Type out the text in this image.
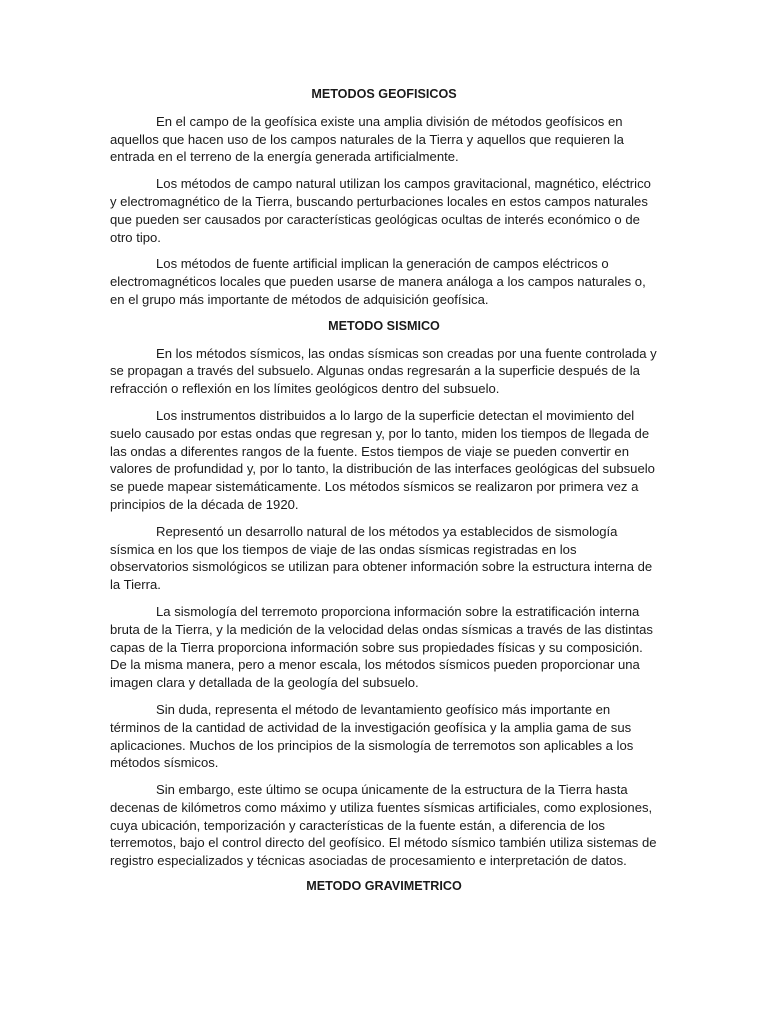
METODOS GEOFISICOS

En el campo de la geofísica existe una amplia división de métodos geofísicos en aquellos que hacen uso de los campos naturales de la Tierra y aquellos que requieren la entrada en el terreno de la energía generada artificialmente.

Los métodos de campo natural utilizan los campos gravitacional, magnético, eléctrico y electromagnético de la Tierra, buscando perturbaciones locales en estos campos naturales que pueden ser causados por características geológicas ocultas de interés económico o de otro tipo.

Los métodos de fuente artificial implican la generación de campos eléctricos o electromagnéticos locales que pueden usarse de manera análoga a los campos naturales o, en el grupo más importante de métodos de adquisición geofísica.

METODO SISMICO

En los métodos sísmicos, las ondas sísmicas son creadas por una fuente controlada y se propagan a través del subsuelo. Algunas ondas regresarán a la superficie después de la refracción o reflexión en los límites geológicos dentro del subsuelo.

Los instrumentos distribuidos a lo largo de la superficie detectan el movimiento del suelo causado por estas ondas que regresan y, por lo tanto, miden los tiempos de llegada de las ondas a diferentes rangos de la fuente. Estos tiempos de viaje se pueden convertir en valores de profundidad y, por lo tanto, la distribución de las interfaces geológicas del subsuelo se puede mapear sistemáticamente. Los métodos sísmicos se realizaron por primera vez a principios de la década de 1920.

Representó un desarrollo natural de los métodos ya establecidos de sismología sísmica en los que los tiempos de viaje de las ondas sísmicas registradas en los observatorios sismológicos se utilizan para obtener información sobre la estructura interna de la Tierra.

La sismología del terremoto proporciona información sobre la estratificación interna bruta de la Tierra, y la medición de la velocidad delas ondas sísmicas a través de las distintas capas de la Tierra proporciona información sobre sus propiedades físicas y su composición. De la misma manera, pero a menor escala, los métodos sísmicos pueden proporcionar una imagen clara y detallada de la geología del subsuelo.

Sin duda, representa el método de levantamiento geofísico más importante en términos de la cantidad de actividad de la investigación geofísica y la amplia gama de sus aplicaciones. Muchos de los principios de la sismología de terremotos son aplicables a los métodos sísmicos.

Sin embargo, este último se ocupa únicamente de la estructura de la Tierra hasta decenas de kilómetros como máximo y utiliza fuentes sísmicas artificiales, como explosiones, cuya ubicación, temporización y características de la fuente están, a diferencia de los terremotos, bajo el control directo del geofísico. El método sísmico también utiliza sistemas de registro especializados y técnicas asociadas de procesamiento e interpretación de datos.

METODO GRAVIMETRICO
